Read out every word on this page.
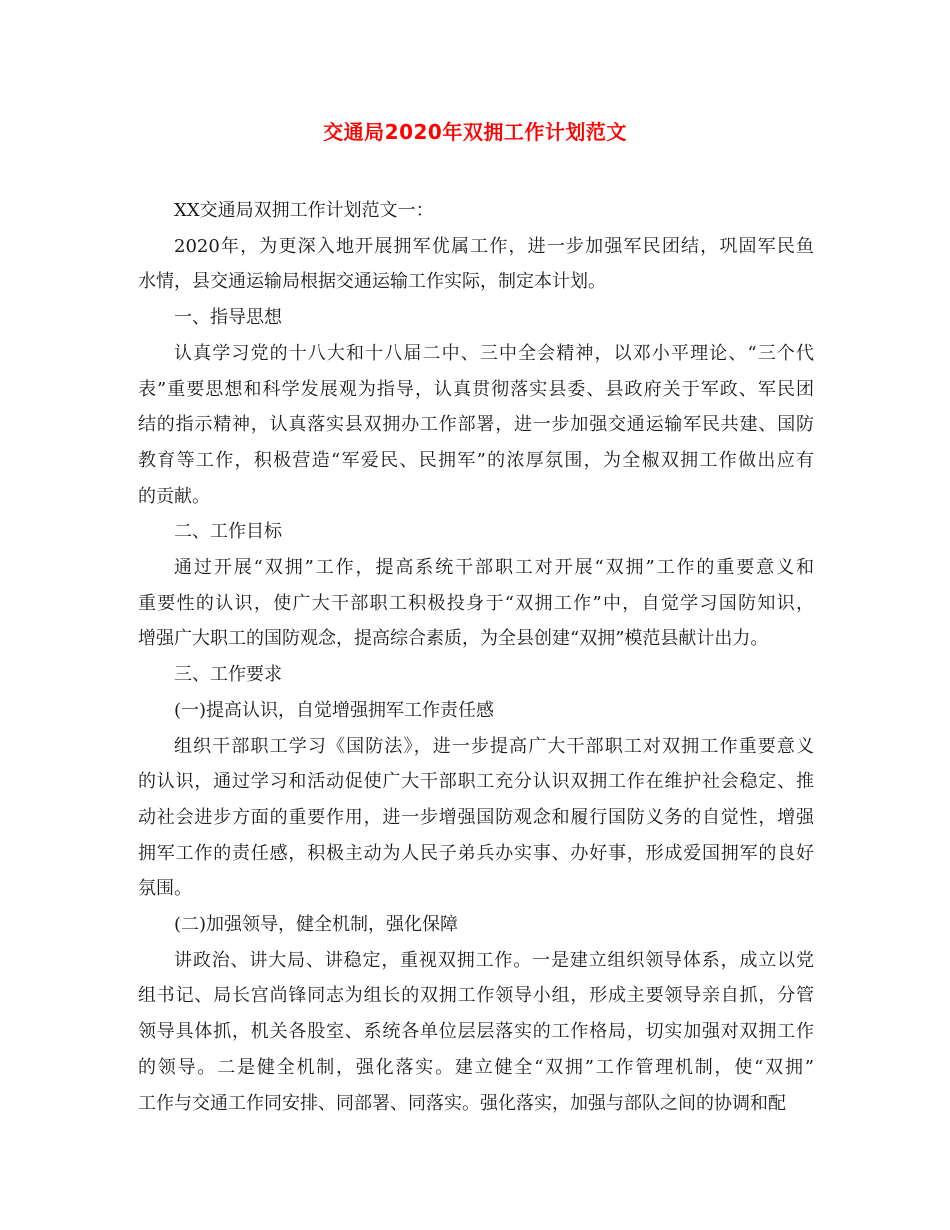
交通局2020年双拥工作计划范文
XX交通局双拥工作计划范文一：
2020年，为更深入地开展拥军优属工作，进一步加强军民团结，巩固军民鱼
水情，县交通运输局根据交通运输工作实际，制定本计划。
一、指导思想
认真学习党的十八大和十八届二中、三中全会精神，以邓小平理论、“三个代
表”重要思想和科学发展观为指导，认真贯彻落实县委、县政府关于军政、军民团
结的指示精神，认真落实县双拥办工作部署，进一步加强交通运输军民共建、国防
教育等工作，积极营造“军爱民、民拥军”的浓厚氛围，为全椒双拥工作做出应有
的贡献。
二、工作目标
通过开展“双拥”工作，提高系统干部职工对开展“双拥”工作的重要意义和
重要性的认识，使广大干部职工积极投身于“双拥工作”中，自觉学习国防知识，
增强广大职工的国防观念，提高综合素质，为全县创建“双拥”模范县献计出力。
三、工作要求
(一)提高认识，自觉增强拥军工作责任感
组织干部职工学习《国防法》，进一步提高广大干部职工对双拥工作重要意义
的认识，通过学习和活动促使广大干部职工充分认识双拥工作在维护社会稳定、推
动社会进步方面的重要作用，进一步增强国防观念和履行国防义务的自觉性，增强
拥军工作的责任感，积极主动为人民子弟兵办实事、办好事，形成爱国拥军的良好
氛围。
(二)加强领导，健全机制，强化保障
讲政治、讲大局、讲稳定，重视双拥工作。一是建立组织领导体系，成立以党
组书记、局长宫尚锋同志为组长的双拥工作领导小组，形成主要领导亲自抓，分管
领导具体抓，机关各股室、系统各单位层层落实的工作格局，切实加强对双拥工作
的领导。二是健全机制，强化落实。建立健全“双拥”工作管理机制，使“双拥”
工作与交通工作同安排、同部署、同落实。强化落实，加强与部队之间的协调和配
